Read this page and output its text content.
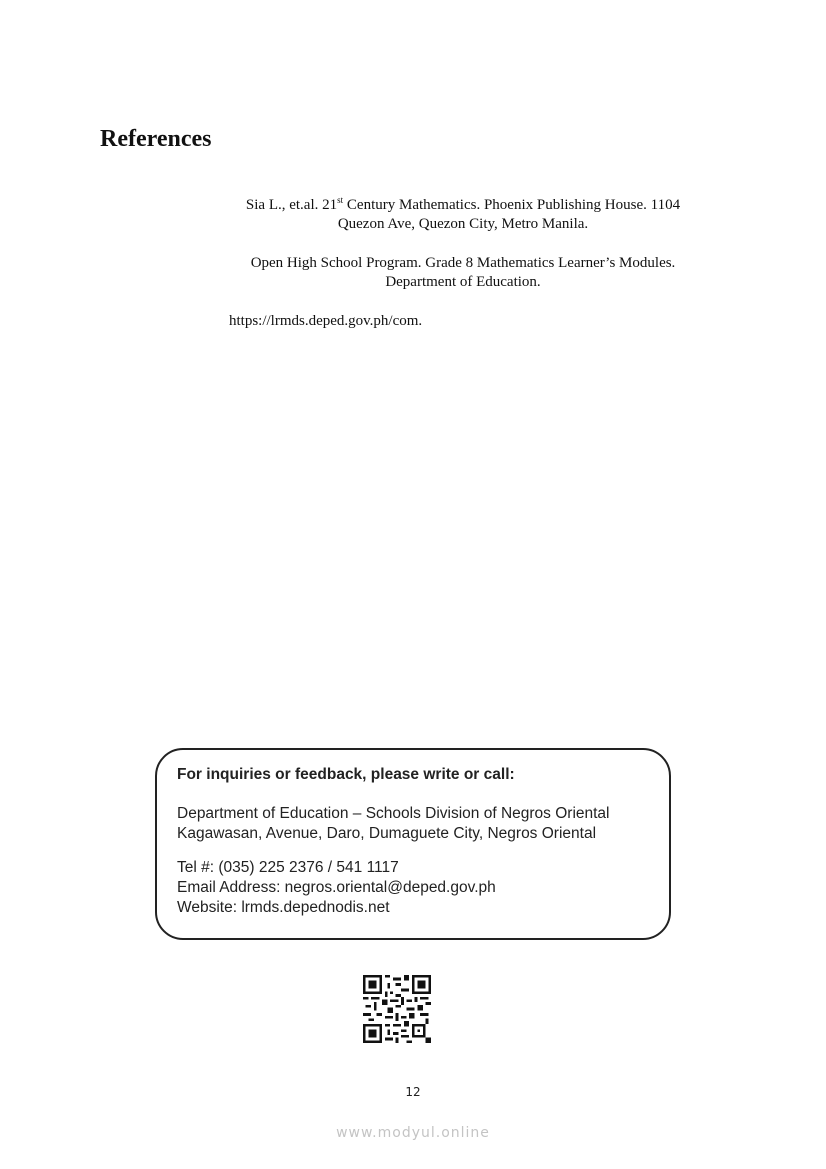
References
Sia L., et.al. 21st Century Mathematics. Phoenix Publishing House. 1104
Quezon Ave, Quezon City, Metro Manila.
Open High School Program. Grade 8 Mathematics Learner’s Modules.
Department of Education.
https://lrmds.deped.gov.ph/com.
For inquiries or feedback, please write or call:
Department of Education – Schools Division of Negros Oriental
Kagawasan, Avenue, Daro, Dumaguete City, Negros Oriental
Tel #: (035) 225 2376 / 541 1117
Email Address: negros.oriental@deped.gov.ph
Website: lrmds.depednodis.net
12
www.modyul.online
